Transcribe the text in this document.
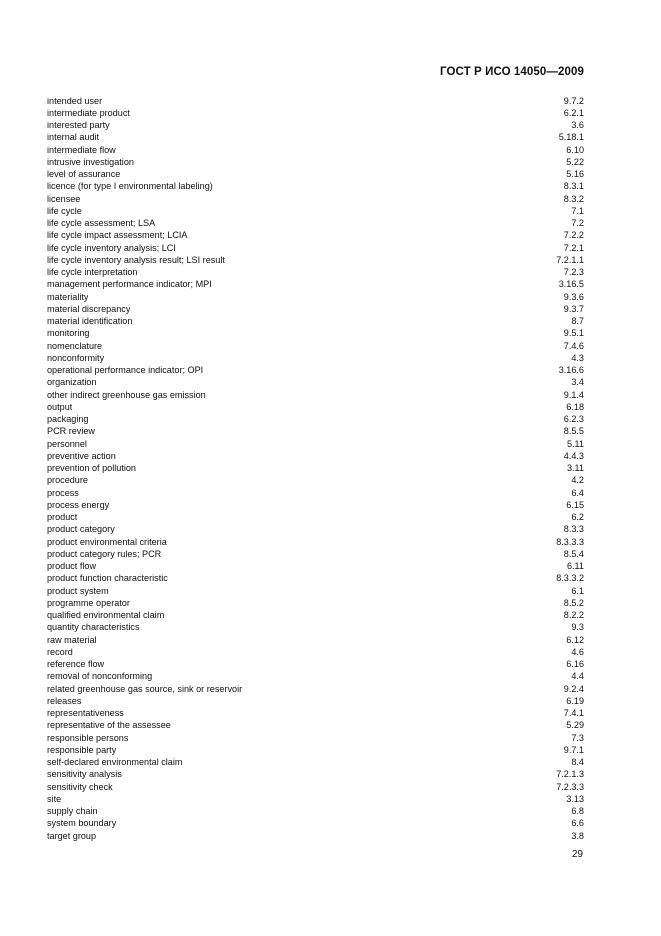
ГОСТ Р ИСО 14050—2009
intended user	9.7.2
intermediate product	6.2.1
interested party	3.6
internal audit	5.18.1
intermediate flow	6.10
intrusive investigation	5.22
level of assurance	5.16
licence (for type I environmental labeling)	8.3.1
licensee	8.3.2
life cycle	7.1
life cycle assessment; LSA	7.2
life cycle impact assessment; LCIA	7.2.2
life cycle inventory analysis; LCI	7.2.1
life cycle inventory analysis result; LSI result	7.2.1.1
life cycle interpretation	7.2.3
management performance indicator; MPI	3.16.5
materiality	9.3.6
material discrepancy	9.3.7
material identification	8.7
monitoring	9.5.1
nomenclature	7.4.6
nonconformity	4.3
operational performance indicator; OPI	3.16.6
organization	3.4
other indirect greenhouse gas emission	9.1.4
output	6.18
packaging	6.2.3
PCR review	8.5.5
personnel	5.11
preventive action	4.4.3
prevention of pollution	3.11
procedure	4.2
process	6.4
process energy	6.15
product	6.2
product category	8.3.3
product environmental criteria	8.3.3.3
product category rules; PCR	8.5.4
product flow	6.11
product function characteristic	8.3.3.2
product system	6.1
programme operator	8.5.2
qualified environmental claim	8.2.2
quantity characteristics	9.3
raw material	6.12
record	4.6
reference flow	6.16
removal of nonconforming	4.4
related greenhouse gas source, sink or reservoir	9.2.4
releases	6.19
representativeness	7.4.1
representative of the assessee	5.29
responsible persons	7.3
responsible party	9.7.1
self-declared environmental claim	8.4
sensitivity analysis	7.2.1.3
sensitivity check	7.2.3.3
site	3.13
supply chain	6.8
system boundary	6.6
target group	3.8
29
